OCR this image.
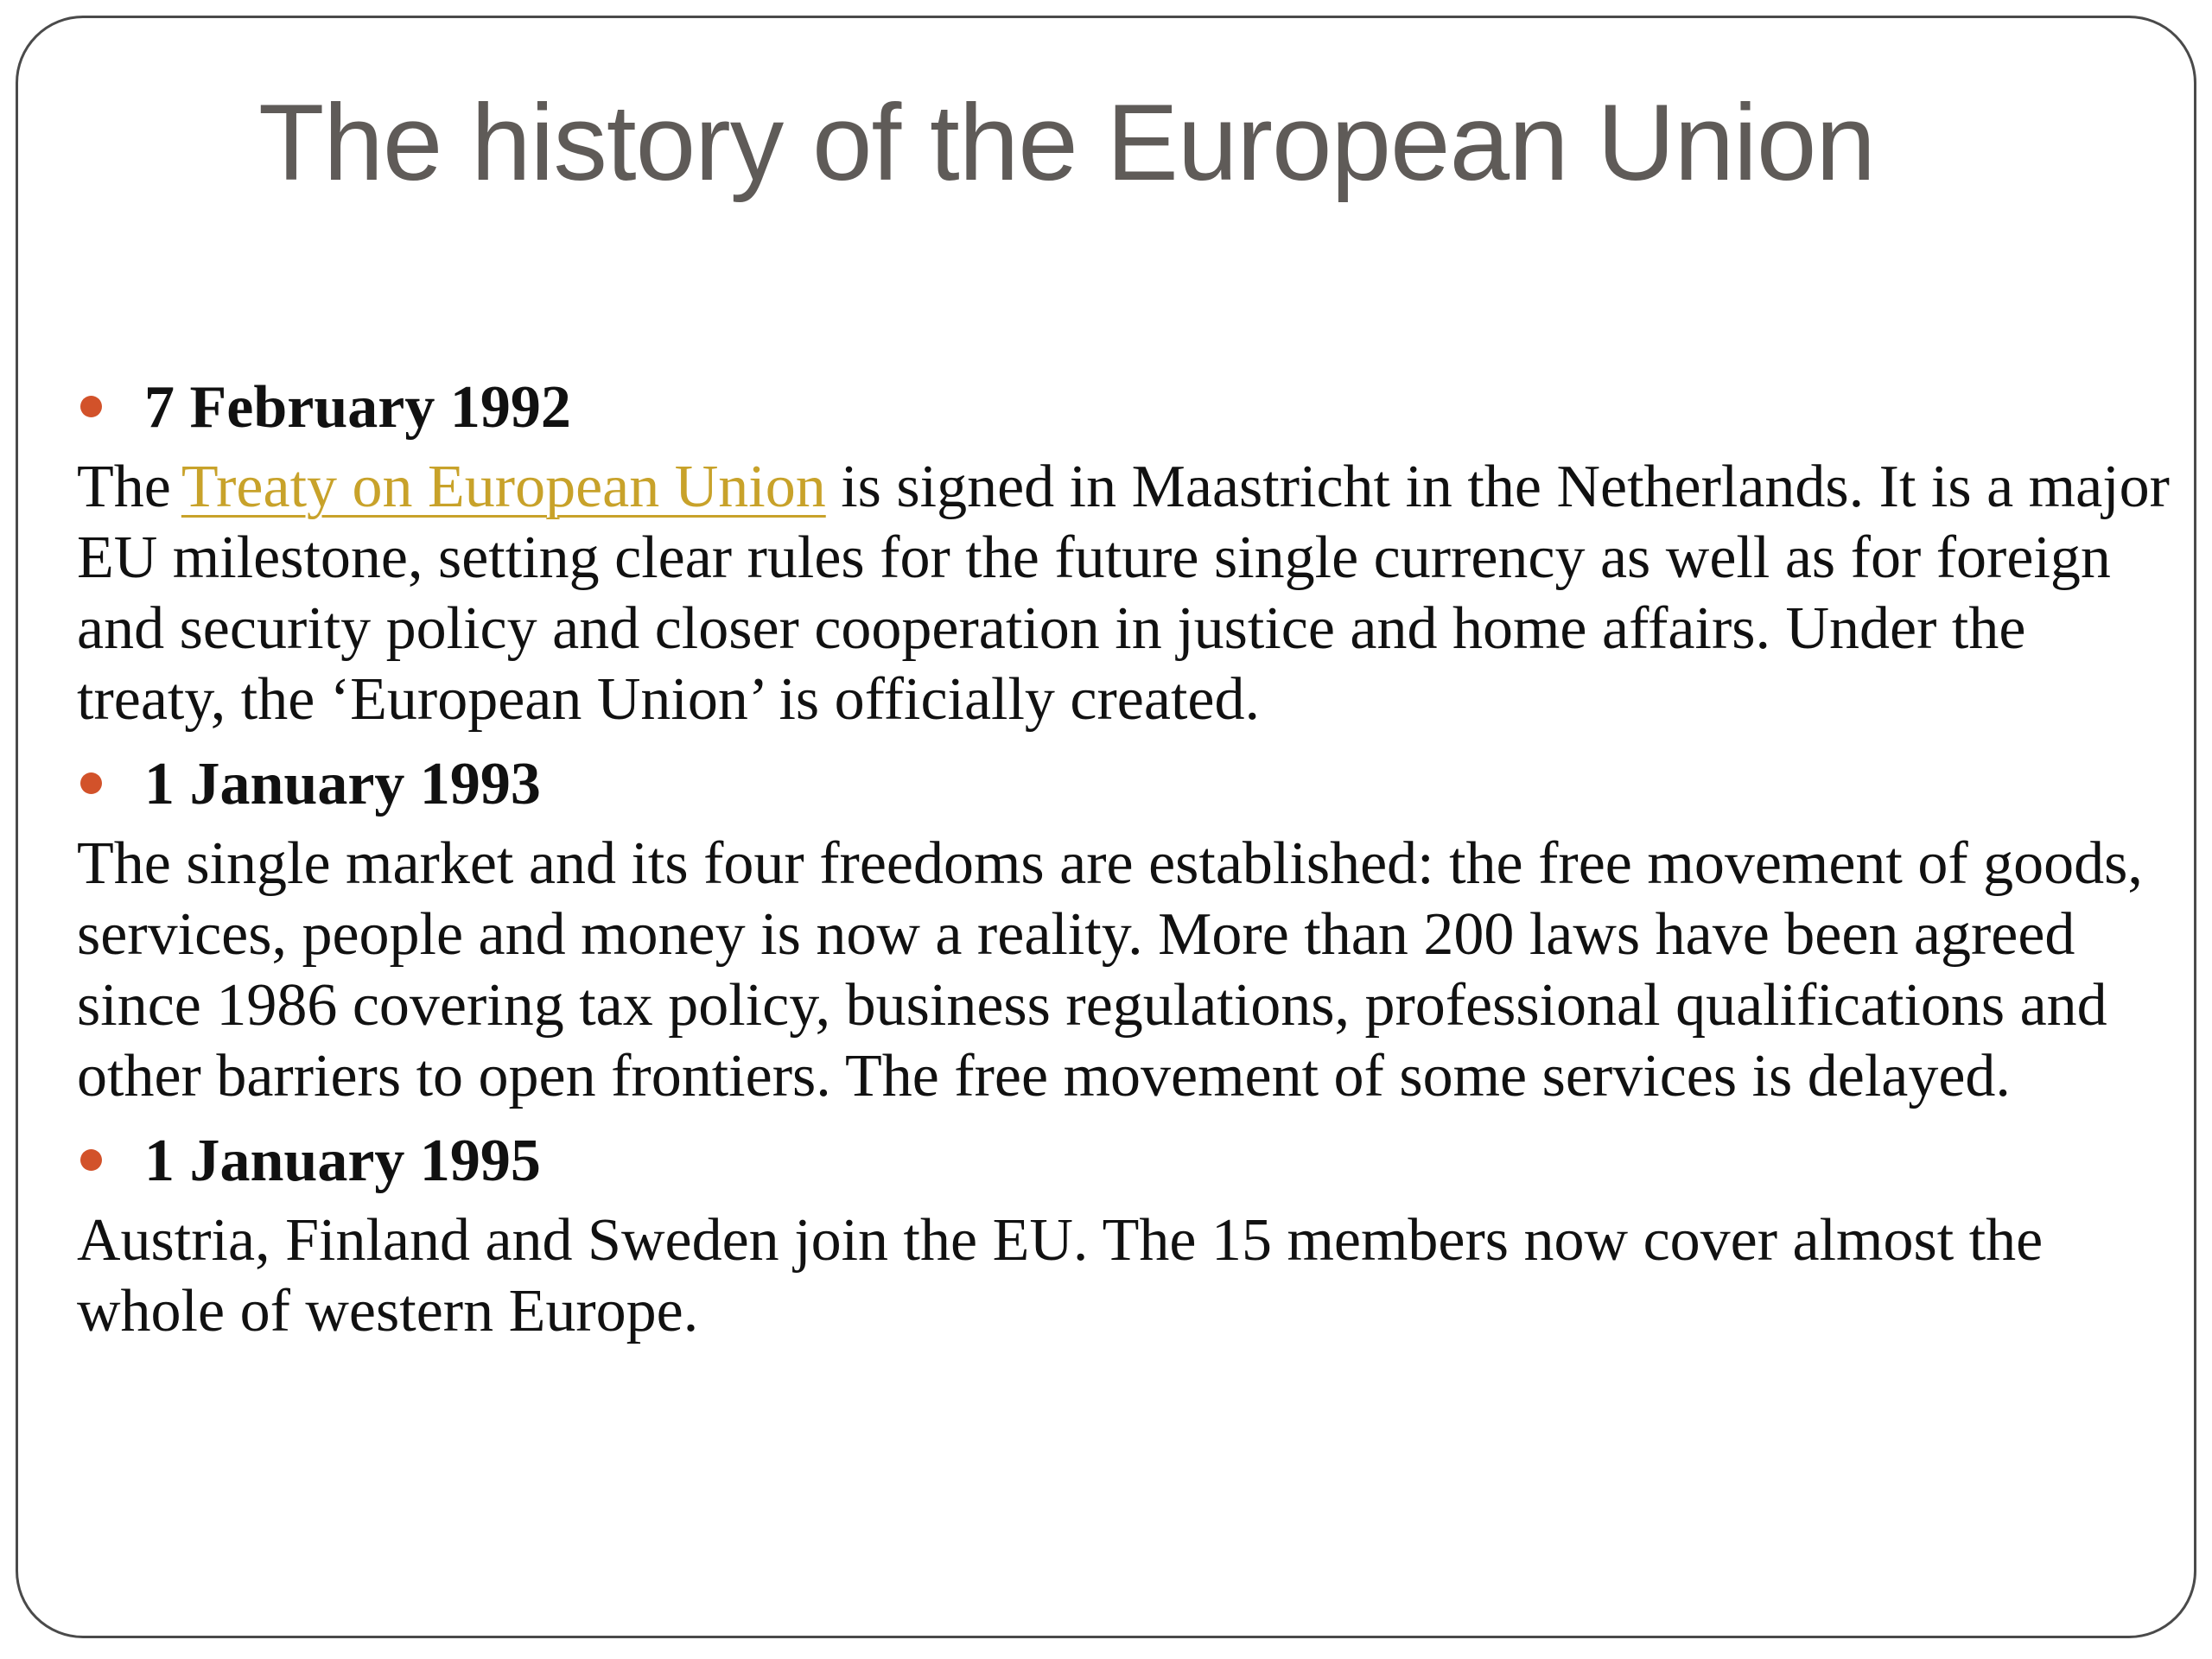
The history of the European Union
7 February 1992

The Treaty on European Union is signed in Maastricht in the Netherlands. It is a major EU milestone, setting clear rules for the future single currency as well as for foreign and security policy and closer cooperation in justice and home affairs. Under the treaty, the ‘European Union’ is officially created.

1 January 1993

The single market and its four freedoms are established: the free movement of goods, services, people and money is now a reality. More than 200 laws have been agreed since 1986 covering tax policy, business regulations, professional qualifications and other barriers to open frontiers. The free movement of some services is delayed.

1 January 1995

Austria, Finland and Sweden join the EU. The 15 members now cover almost the whole of western Europe.
